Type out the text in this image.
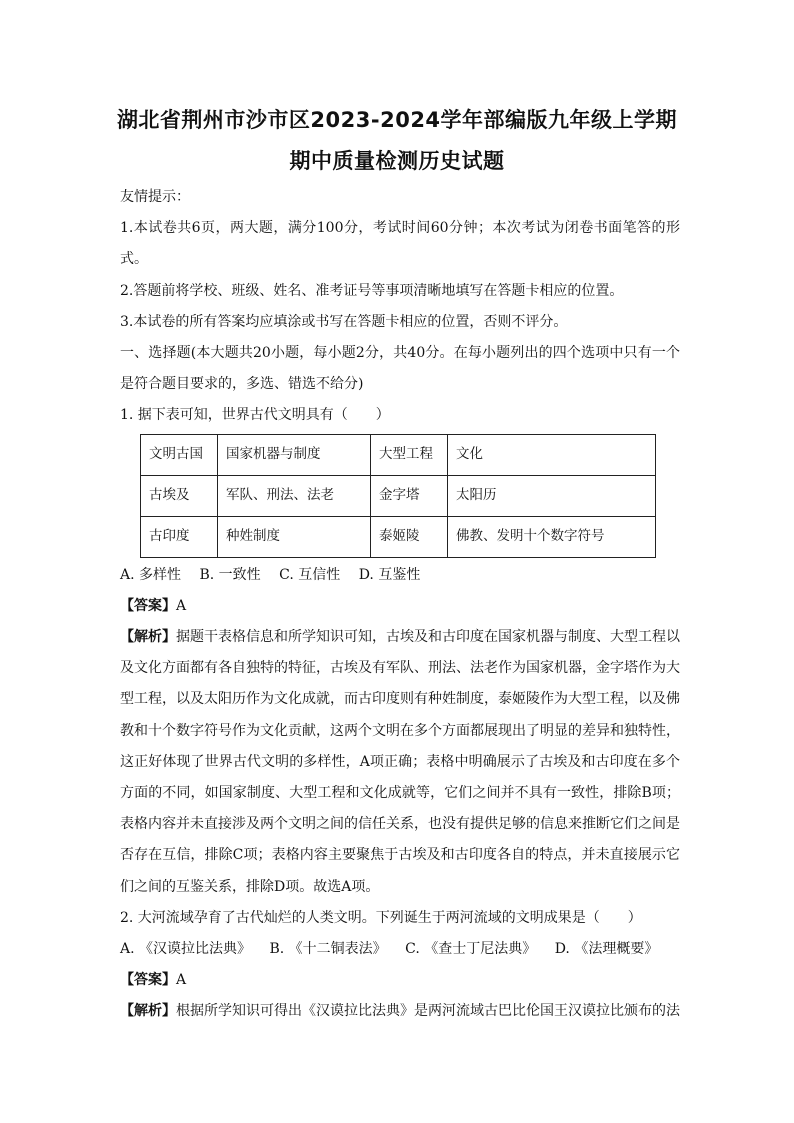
湖北省荆州市沙市区2023-2024学年部编版九年级上学期
期中质量检测历史试题

友情提示：

1.本试卷共6页，两大题，满分100分，考试时间60分钟；本次考试为闭卷书面笔答的形式。

2.答题前将学校、班级、姓名、准考证号等事项清晰地填写在答题卡相应的位置。

3.本试卷的所有答案均应填涂或书写在答题卡相应的位置，否则不评分。

一、选择题(本大题共20小题，每小题2分，共40分。在每小题列出的四个选项中只有一个是符合题目要求的，多选、错选不给分)

1. 据下表可知，世界古代文明具有（　　）

文明古国	国家机器与制度	大型工程	文化
古埃及	军队、刑法、法老	金字塔	太阳历
古印度	种姓制度	泰姬陵	佛教、发明十个数字符号

A. 多样性 B. 一致性 C. 互信性 D. 互鉴性

【答案】A

【解析】据题干表格信息和所学知识可知，古埃及和古印度在国家机器与制度、大型工程以及文化方面都有各自独特的特征，古埃及有军队、刑法、法老作为国家机器，金字塔作为大型工程，以及太阳历作为文化成就，而古印度则有种姓制度，泰姬陵作为大型工程，以及佛教和十个数字符号作为文化贡献，这两个文明在多个方面都展现出了明显的差异和独特性，这正好体现了世界古代文明的多样性，A项正确；表格中明确展示了古埃及和古印度在多个方面的不同，如国家制度、大型工程和文化成就等，它们之间并不具有一致性，排除B项；表格内容并未直接涉及两个文明之间的信任关系，也没有提供足够的信息来推断它们之间是否存在互信，排除C项；表格内容主要聚焦于古埃及和古印度各自的特点，并未直接展示它们之间的互鉴关系，排除D项。故选A项。

2. 大河流域孕育了古代灿烂的人类文明。下列诞生于两河流域的文明成果是（　　）

A. 《汉谟拉比法典》 B. 《十二铜表法》 C. 《查士丁尼法典》 D. 《法理概要》

【答案】A

【解析】根据所学知识可得出《汉谟拉比法典》是两河流域古巴比伦国王汉谟拉比颁布的法
